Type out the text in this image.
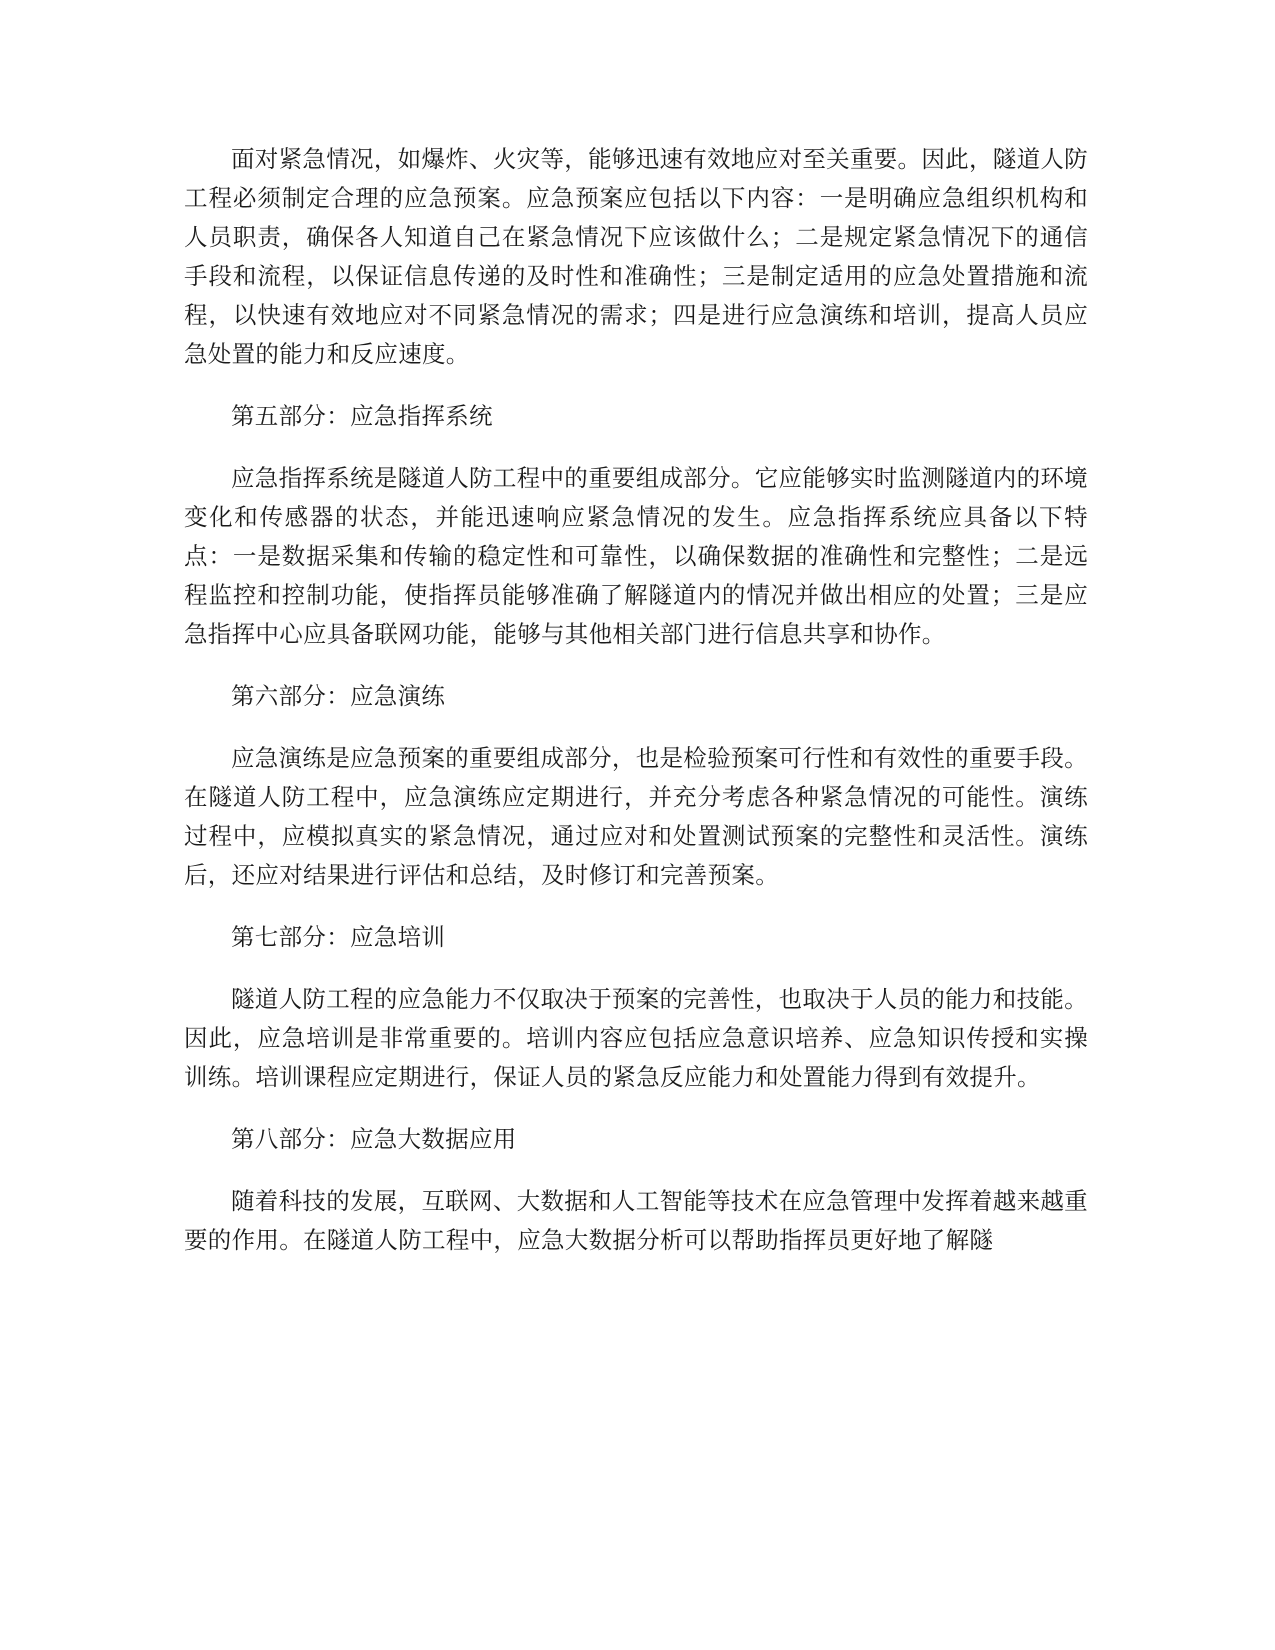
面对紧急情况，如爆炸、火灾等，能够迅速有效地应对至关重要。因此，隧道人防工程必须制定合理的应急预案。应急预案应包括以下内容：一是明确应急组织机构和人员职责，确保各人知道自己在紧急情况下应该做什么；二是规定紧急情况下的通信手段和流程，以保证信息传递的及时性和准确性；三是制定适用的应急处置措施和流程，以快速有效地应对不同紧急情况的需求；四是进行应急演练和培训，提高人员应急处置的能力和反应速度。

第五部分：应急指挥系统

应急指挥系统是隧道人防工程中的重要组成部分。它应能够实时监测隧道内的环境变化和传感器的状态，并能迅速响应紧急情况的发生。应急指挥系统应具备以下特点：一是数据采集和传输的稳定性和可靠性，以确保数据的准确性和完整性；二是远程监控和控制功能，使指挥员能够准确了解隧道内的情况并做出相应的处置；三是应急指挥中心应具备联网功能，能够与其他相关部门进行信息共享和协作。

第六部分：应急演练

应急演练是应急预案的重要组成部分，也是检验预案可行性和有效性的重要手段。在隧道人防工程中，应急演练应定期进行，并充分考虑各种紧急情况的可能性。演练过程中，应模拟真实的紧急情况，通过应对和处置测试预案的完整性和灵活性。演练后，还应对结果进行评估和总结，及时修订和完善预案。

第七部分：应急培训

隧道人防工程的应急能力不仅取决于预案的完善性，也取决于人员的能力和技能。因此，应急培训是非常重要的。培训内容应包括应急意识培养、应急知识传授和实操训练。培训课程应定期进行，保证人员的紧急反应能力和处置能力得到有效提升。

第八部分：应急大数据应用

随着科技的发展，互联网、大数据和人工智能等技术在应急管理中发挥着越来越重要的作用。在隧道人防工程中，应急大数据分析可以帮助指挥员更好地了解隧
